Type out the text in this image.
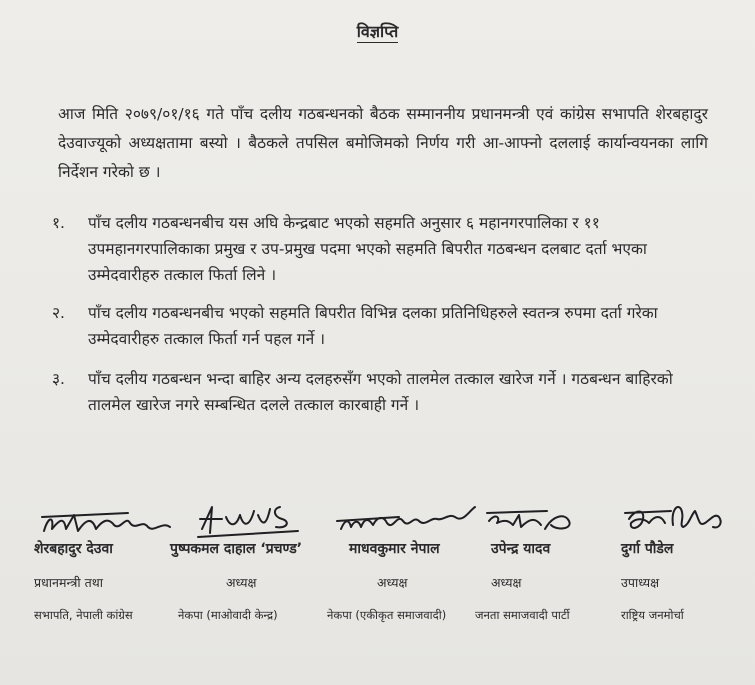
विज्ञप्ति
आज मिति २०७९/०१/१६ गते पाँच दलीय गठबन्धनको बैठक सम्माननीय प्रधानमन्त्री एवं कांग्रेस सभापति शेरबहादुर देउवाज्यूको अध्यक्षतामा बस्यो । बैठकले तपसिल बमोजिमको निर्णय गरी आ-आफ्नो दललाई कार्यान्वयनका लागि निर्देशन गरेको छ ।
१.	पाँच दलीय गठबन्धनबीच यस अघि केन्द्रबाट भएको सहमति अनुसार ६ महानगरपालिका र ११ उपमहानगरपालिकाका प्रमुख र उप-प्रमुख पदमा भएको सहमति बिपरीत गठबन्धन दलबाट दर्ता भएका उम्मेदवारीहरु तत्काल फिर्ता लिने ।
२.	पाँच दलीय गठबन्धनबीच भएको सहमति बिपरीत विभिन्न दलका प्रतिनिधिहरुले स्वतन्त्र रुपमा दर्ता गरेका उम्मेदवारीहरु तत्काल फिर्ता गर्न पहल गर्ने ।
३.	पाँच दलीय गठबन्धन भन्दा बाहिर अन्य दलहरुसँग भएको तालमेल तत्काल खारेज गर्ने । गठबन्धन बाहिरको तालमेल खारेज नगरे सम्बन्धित दलले तत्काल कारबाही गर्ने ।
शेरबहादुर देउवा
प्रधानमन्त्री तथा
सभापति, नेपाली कांग्रेस
पुष्पकमल दाहाल ‘प्रचण्ड’
अध्यक्ष
नेकपा (माओवादी केन्द्र)
माधवकुमार नेपाल
अध्यक्ष
नेकपा (एकीकृत समाजवादी)
उपेन्द्र यादव
अध्यक्ष
जनता समाजवादी पार्टी
दुर्गा पौडेल
उपाध्यक्ष
राष्ट्रिय जनमोर्चा
